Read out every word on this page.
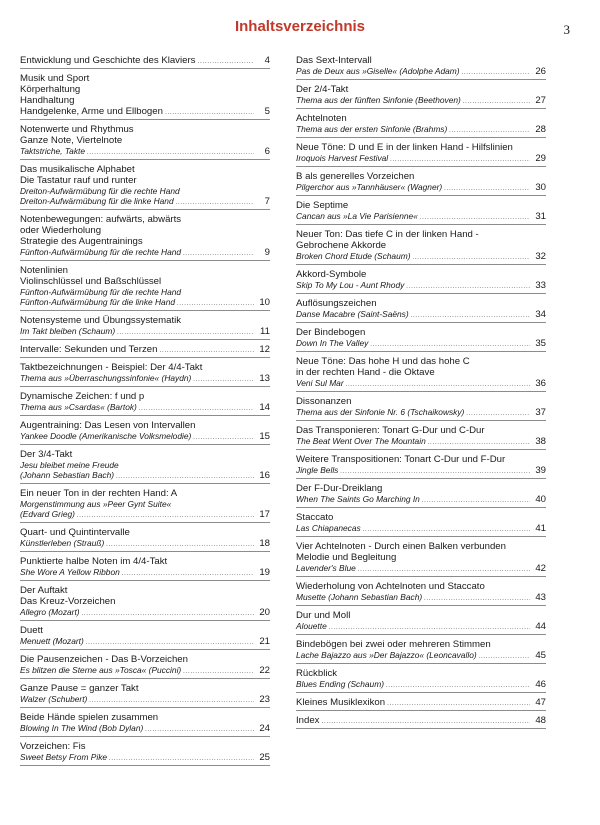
Inhaltsverzeichnis	3
Entwicklung und Geschichte des Klaviers .....	4
Musik und Sport
Körperhaltung
Handhaltung
Handgelenke, Arme und Ellbogen .....	5
Notenwerte und Rhythmus
Ganze Note, Viertelnote
Taktstriche, Takte .....	6
Das musikalische Alphabet
Die Tastatur rauf und runter
Dreiton-Aufwärmübung für die rechte Hand
Dreiton-Aufwärmübung für die linke Hand .....	7
Notenbewegungen: aufwärts, abwärts
oder Wiederholung
Strategie des Augentrainings
Fünfton-Aufwärmübung für die rechte Hand .....	9
Notenlinien
Violinschlüssel und Baßschlüssel
Fünfton-Aufwärmübung für die rechte Hand
Fünfton-Aufwärmübung für die linke Hand .....	10
Notensysteme und Übungssystematik
Im Takt bleiben (Schaum) .....	11
Intervalle: Sekunden und Terzen .....	12
Taktbezeichnungen - Beispiel: Der 4/4-Takt
Thema aus »Überraschungssinfonie« (Haydn) .....	13
Dynamische Zeichen: f und p
Thema aus »Csardas« (Bartok) .....	14
Augentraining: Das Lesen von Intervallen
Yankee Doodle (Amerikanische Volksmelodie) .....	15
Der 3/4-Takt
Jesu bleibet meine Freude
(Johann Sebastian Bach) .....	16
Ein neuer Ton in der rechten Hand: A
Morgenstimmung aus »Peer Gynt Suite«
(Edvard Grieg) .....	17
Quart- und Quintintervalle
Künstlerleben (Strauß) .....	18
Punktierte halbe Noten im 4/4-Takt
She Wore A Yellow Ribbon .....	19
Der Auftakt
Das Kreuz-Vorzeichen
Allegro (Mozart) .....	20
Duett
Menuett (Mozart) .....	21
Die Pausenzeichen - Das B-Vorzeichen
Es blitzen die Sterne aus »Tosca« (Puccini) .....	22
Ganze Pause = ganzer Takt
Walzer (Schubert) .....	23
Beide Hände spielen zusammen
Blowing In The Wind (Bob Dylan) .....	24
Vorzeichen: Fis
Sweet Betsy From Pike .....	25
Das Sext-Intervall
Pas de Deux aus »Giselle« (Adolphe Adam) .....	26
Der 2/4-Takt
Thema aus der fünften Sinfonie (Beethoven) .....	27
Achtelnoten
Thema aus der ersten Sinfonie (Brahms) .....	28
Neue Töne: D und E in der linken Hand - Hilfslinien
Iroquois Harvest Festival .....	29
B als generelles Vorzeichen
Pilgerchor aus »Tannhäuser« (Wagner) .....	30
Die Septime
Cancan aus »La Vie Parisienne« .....	31
Neuer Ton: Das tiefe C in der linken Hand -
Gebrochene Akkorde
Broken Chord Etude (Schaum) .....	32
Akkord-Symbole
Skip To My Lou - Aunt Rhody .....	33
Auflösungszeichen
Danse Macabre (Saint-Saëns) .....	34
Der Bindebogen
Down In The Valley .....	35
Neue Töne: Das hohe H und das hohe C
in der rechten Hand - die Oktave
Veni Sul Mar .....	36
Dissonanzen
Thema aus der Sinfonie Nr. 6 (Tschaikowsky) .....	37
Das Transponieren: Tonart G-Dur und C-Dur
The Beat Went Over The Mountain .....	38
Weitere Transpositionen: Tonart C-Dur und F-Dur
Jingle Bells .....	39
Der F-Dur-Dreiklang
When The Saints Go Marching In .....	40
Staccato
Las Chiapanecas .....	41
Vier Achtelnoten - Durch einen Balken verbunden
Melodie und Begleitung
Lavender's Blue .....	42
Wiederholung von Achtelnoten und Staccato
Musette (Johann Sebastian Bach) .....	43
Dur und Moll
Alouette .....	44
Bindebögen bei zwei oder mehreren Stimmen
Lache Bajazzo aus »Der Bajazzo« (Leoncavallo) .....	45
Rückblick
Blues Ending (Schaum) .....	46
Kleines Musiklexikon .....	47
Index .....	48
